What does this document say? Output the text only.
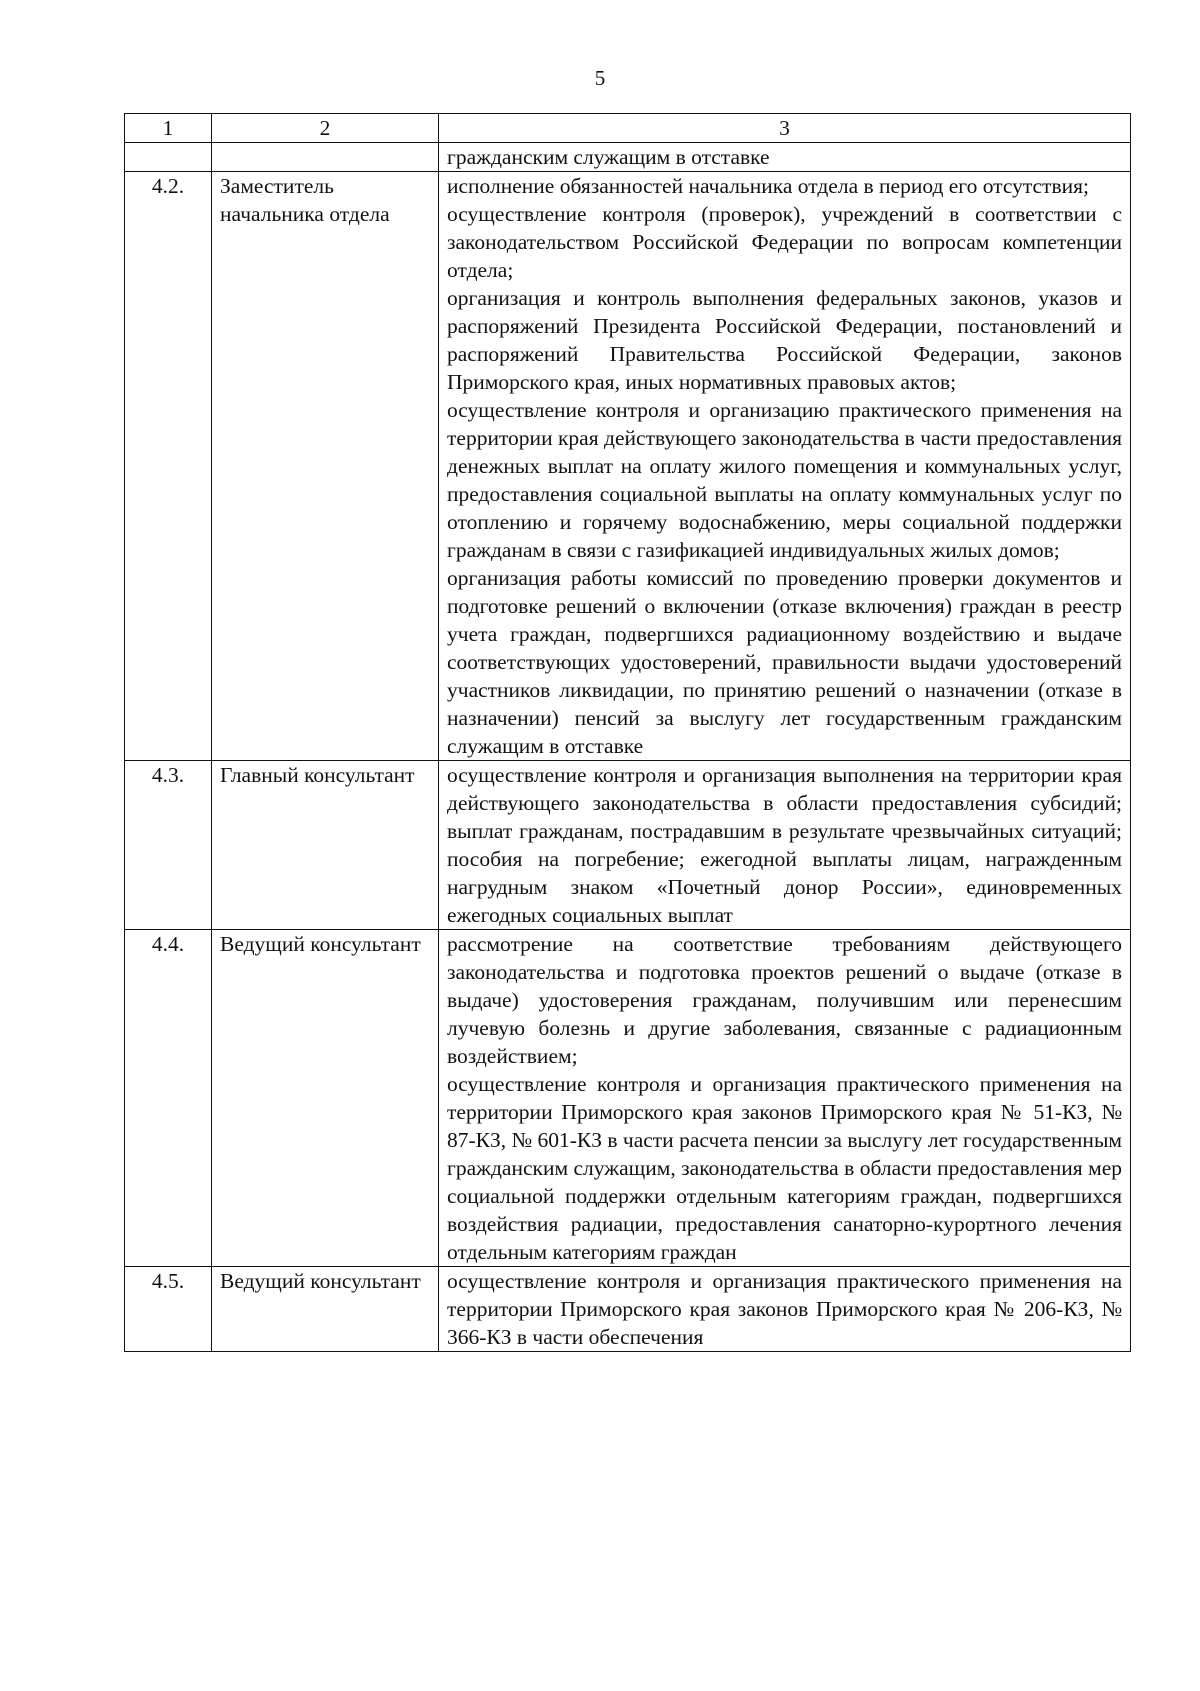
5
1	2	3

		гражданским служащим в отставке

4.2.	Заместитель начальника отдела	исполнение обязанностей начальника отдела в период его отсутствия;

осуществление контроля (проверок), учреждений в соответствии с законодательством Российской Федерации по вопросам компетенции отдела;

организация и контроль выполнения федеральных законов, указов и распоряжений Президента Российской Федерации, постановлений и распоряжений Правительства Российской Федерации, законов Приморского края, иных нормативных правовых актов;

осуществление контроля и организацию практического применения на территории края действующего законодательства в части предоставления денежных выплат на оплату жилого помещения и коммунальных услуг, предоставления социальной выплаты на оплату коммунальных услуг по отоплению и горячему водоснабжению, меры социальной поддержки гражданам в связи с газификацией индивидуальных жилых домов;

организация работы комиссий по проведению проверки документов и подготовке решений о включении (отказе включения) граждан в реестр учета граждан, подвергшихся радиационному воздействию и выдаче соответствующих удостоверений, правильности выдачи удостоверений участников ликвидации, по принятию решений о назначении (отказе в назначении) пенсий за выслугу лет государственным гражданским служащим в отставке

4.3.	Главный консультант	осуществление контроля и организация выполнения на территории края действующего законодательства в области предоставления субсидий; выплат гражданам, пострадавшим в результате чрезвычайных ситуаций; пособия на погребение; ежегодной выплаты лицам, награжденным нагрудным знаком «Почетный донор России», единовременных ежегодных социальных выплат

4.4.	Ведущий консультант	рассмотрение на соответствие требованиям действующего законодательства и подготовка проектов решений о выдаче (отказе в выдаче) удостоверения гражданам, получившим или перенесшим лучевую болезнь и другие заболевания, связанные с радиационным воздействием;

осуществление контроля и организация практического применения на территории Приморского края законов Приморского края № 51-КЗ, № 87-КЗ, № 601-КЗ в части расчета пенсии за выслугу лет государственным гражданским служащим, законодательства в области предоставления мер социальной поддержки отдельным категориям граждан, подвергшихся воздействия радиации, предоставления санаторно-курортного лечения отдельным категориям граждан

4.5.	Ведущий консультант	осуществление контроля и организация практического применения на территории Приморского края законов Приморского края № 206-КЗ, № 366-КЗ в части обеспечения
